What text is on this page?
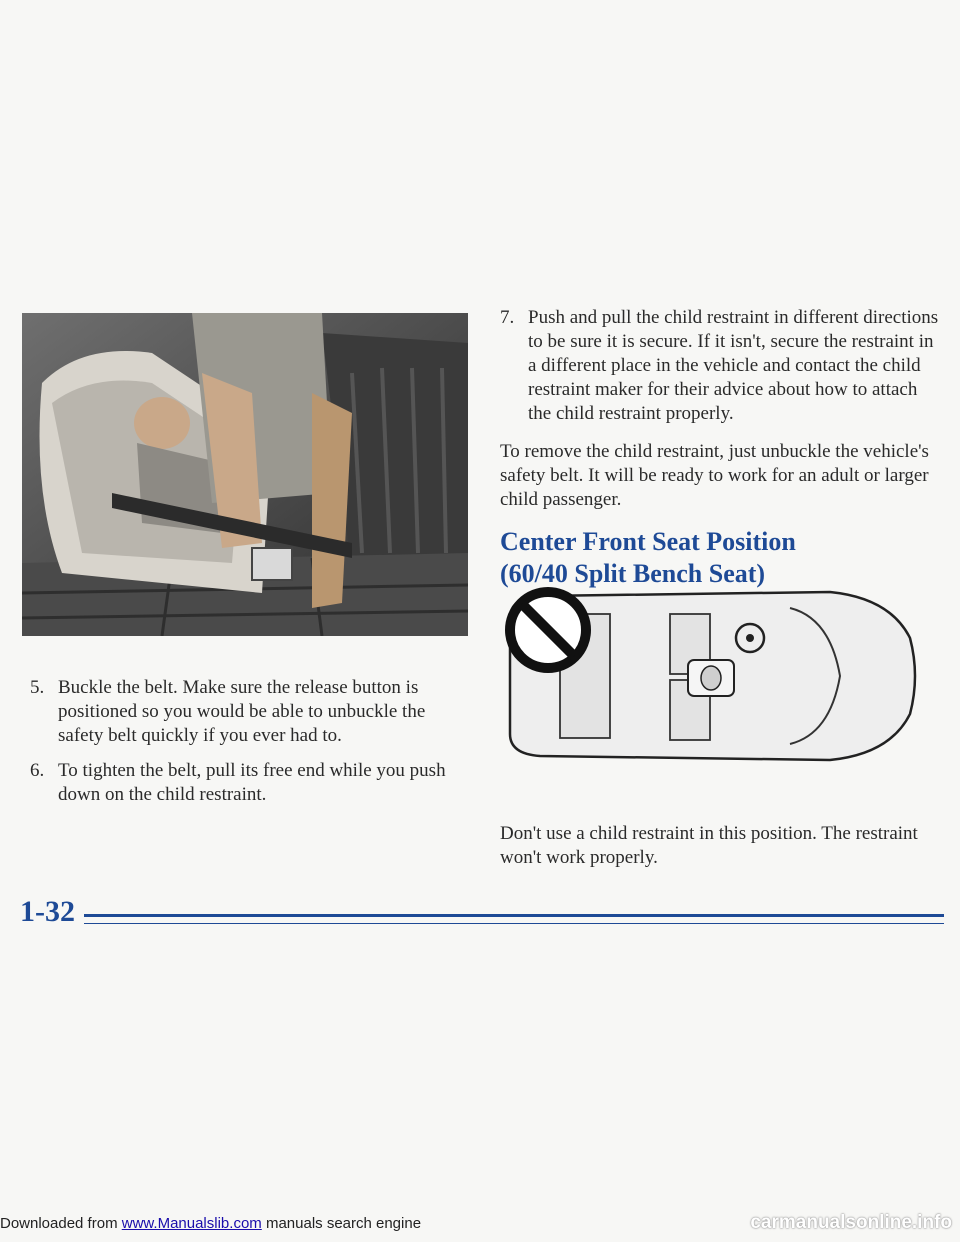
5. Buckle the belt. Make sure the release button is positioned so you would be able to unbuckle the safety belt quickly if you ever had to.
6. To tighten the belt, pull its free end while you push down on the child restraint.
7. Push and pull the child restraint in different directions to be sure it is secure. If it isn't, secure the restraint in a different place in the vehicle and contact the child restraint maker for their advice about how to attach the child restraint properly.

To remove the child restraint, just unbuckle the vehicle's safety belt. It will be ready to work for an adult or larger child passenger.

Center Front Seat Position
(60/40 Split Bench Seat)

Don't use a child restraint in this position. The restraint won't work properly.

1-32
Downloaded from www.Manualslib.com manuals search engine	carmanualsonline.info
